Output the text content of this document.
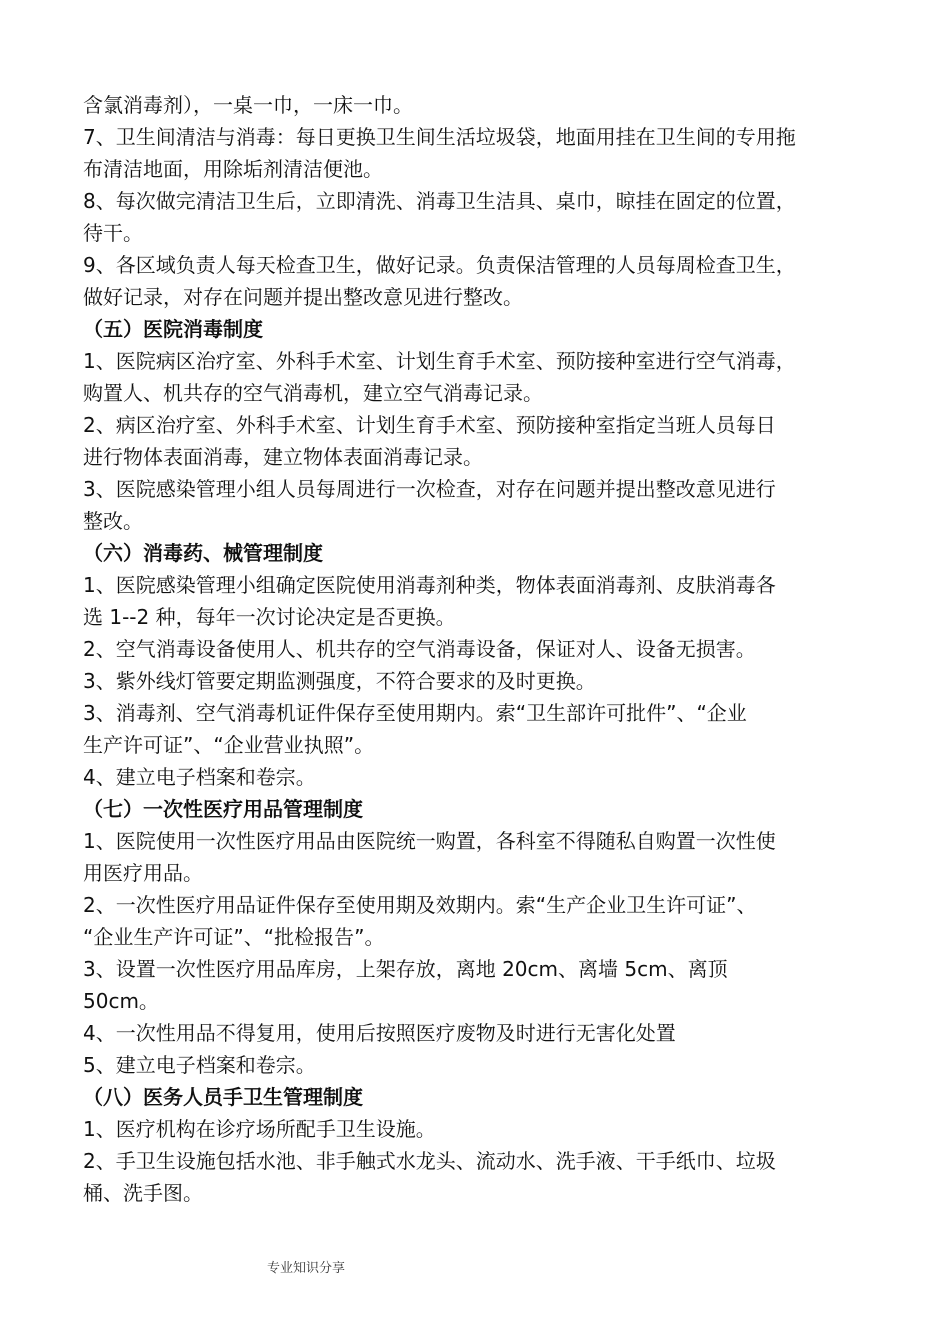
含氯消毒剂），一桌一巾，一床一巾。

7、卫生间清洁与消毒：每日更换卫生间生活垃圾袋，地面用挂在卫生间的专用拖

布清洁地面，用除垢剂清洁便池。

8、每次做完清洁卫生后，立即清洗、消毒卫生洁具、桌巾，晾挂在固定的位置，

待干。

9、各区域负责人每天检查卫生，做好记录。负责保洁管理的人员每周检查卫生，

做好记录，对存在问题并提出整改意见进行整改。

（五）医院消毒制度

1、医院病区治疗室、外科手术室、计划生育手术室、预防接种室进行空气消毒，

购置人、机共存的空气消毒机，建立空气消毒记录。

2、病区治疗室、外科手术室、计划生育手术室、预防接种室指定当班人员每日

进行物体表面消毒，建立物体表面消毒记录。

3、医院感染管理小组人员每周进行一次检查，对存在问题并提出整改意见进行

整改。

（六）消毒药、械管理制度

1、医院感染管理小组确定医院使用消毒剂种类，物体表面消毒剂、皮肤消毒各

选 1--2 种，每年一次讨论决定是否更换。

2、空气消毒设备使用人、机共存的空气消毒设备，保证对人、设备无损害。

3、紫外线灯管要定期监测强度，不符合要求的及时更换。

3、消毒剂、空气消毒机证件保存至使用期内。索“卫生部许可批件”、“企业

生产许可证”、“企业营业执照”。

4、建立电子档案和卷宗。

（七）一次性医疗用品管理制度

1、医院使用一次性医疗用品由医院统一购置，各科室不得随私自购置一次性使

用医疗用品。

2、一次性医疗用品证件保存至使用期及效期内。索“生产企业卫生许可证”、

“企业生产许可证”、“批检报告”。

3、设置一次性医疗用品库房，上架存放，离地 20cm、离墙 5cm、离顶

50cm。

4、一次性用品不得复用，使用后按照医疗废物及时进行无害化处置

5、建立电子档案和卷宗。

（八）医务人员手卫生管理制度

1、医疗机构在诊疗场所配手卫生设施。

2、手卫生设施包括水池、非手触式水龙头、流动水、洗手液、干手纸巾、垃圾

桶、洗手图。

专业知识分享
